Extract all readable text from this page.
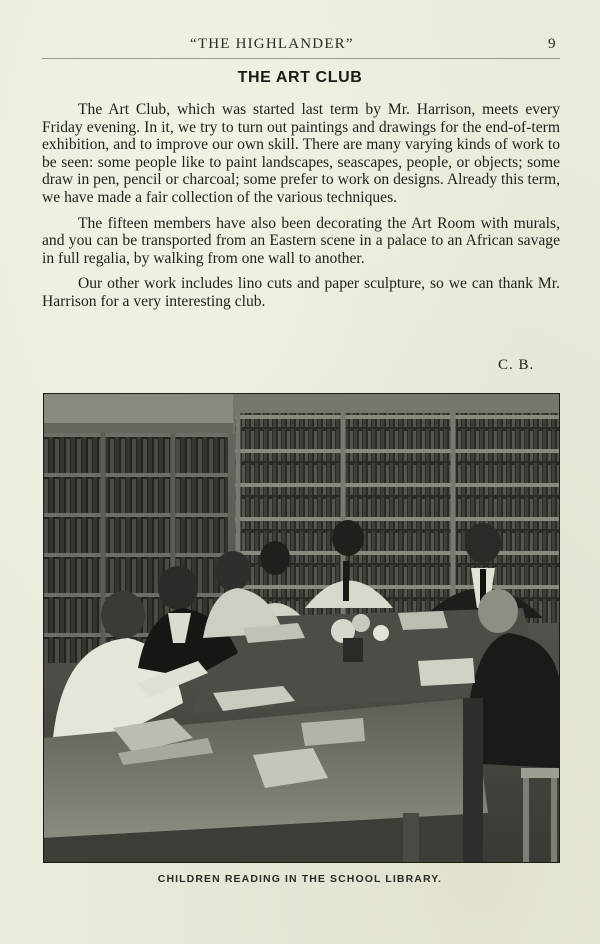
“THE HIGHLANDER”	9
THE ART CLUB

The Art Club, which was started last term by Mr. Harrison, meets every Friday evening. In it, we try to turn out paintings and drawings for the end-of-term exhibition, and to improve our own skill. There are many varying kinds of work to be seen: some people like to paint landscapes, seascapes, people, or objects; some draw in pen, pencil or charcoal; some prefer to work on designs. Already this term, we have made a fair collection of the various techniques.

The fifteen members have also been decorating the Art Room with murals, and you can be transported from an Eastern scene in a palace to an African savage in full regalia, by walking from one wall to another.

Our other work includes lino cuts and paper sculpture, so we can thank Mr. Harrison for a very interesting club.

C. B.
CHILDREN READING IN THE SCHOOL LIBRARY.
